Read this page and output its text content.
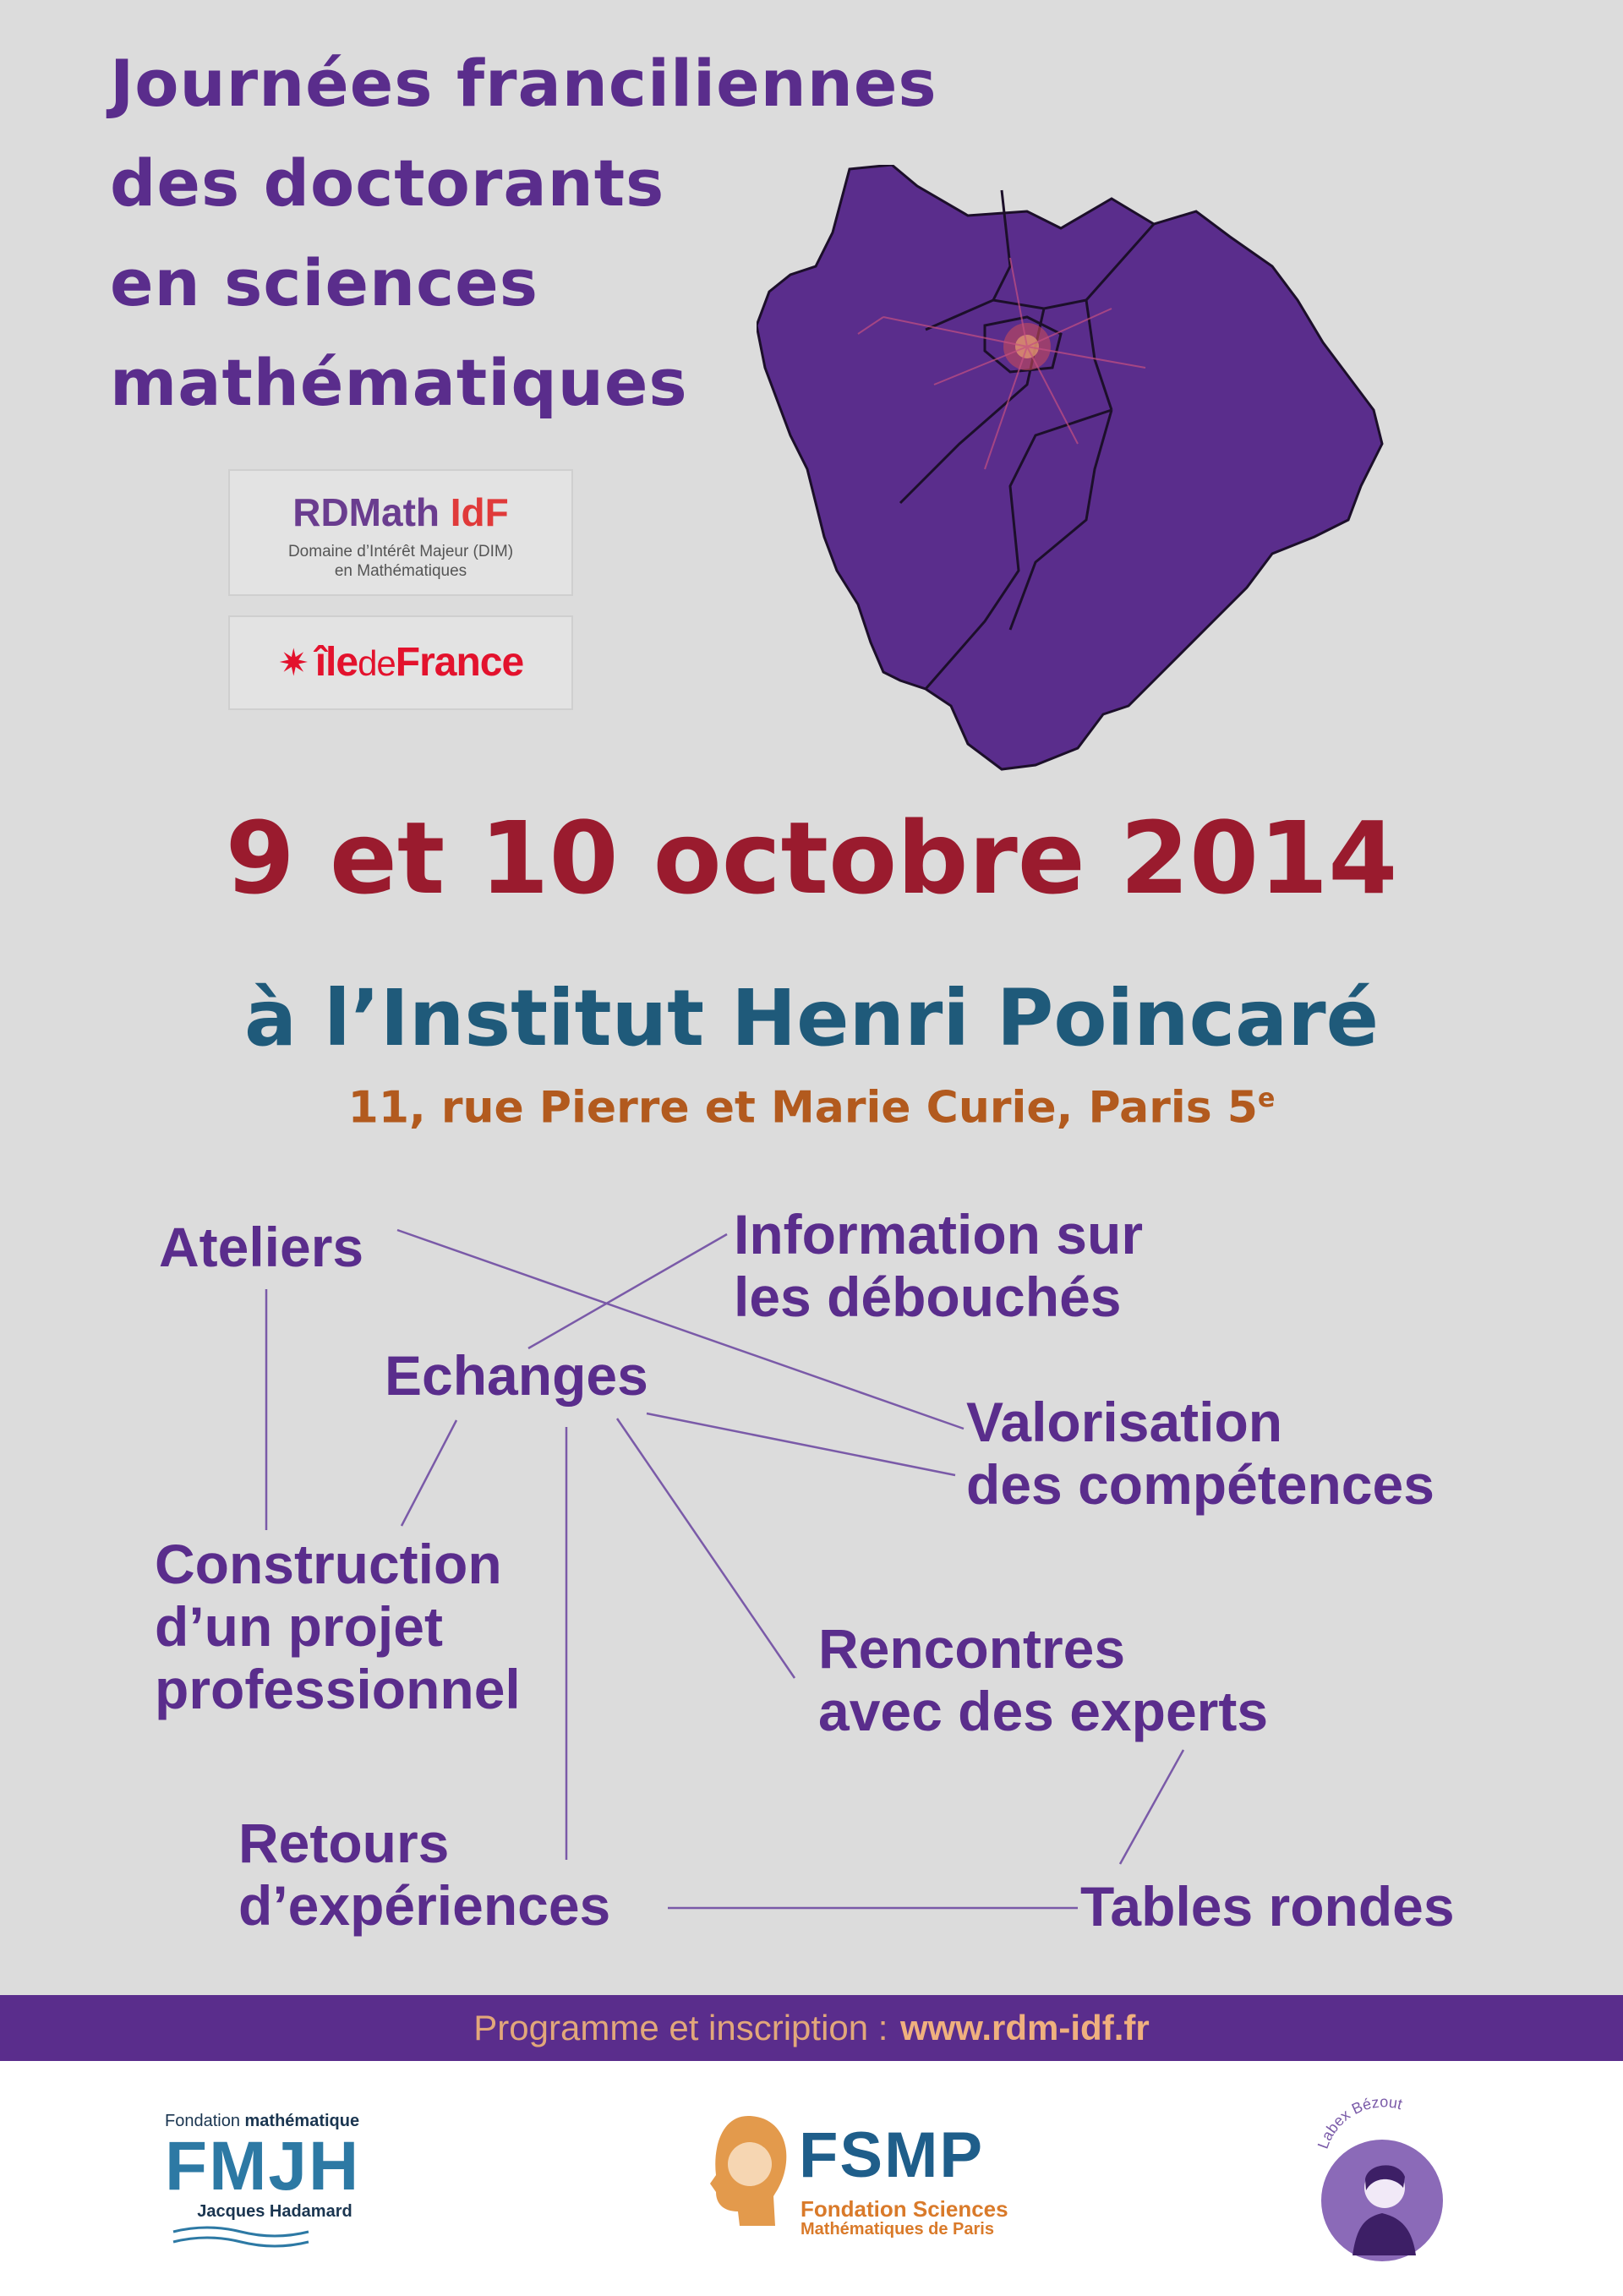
Journées franciliennes
des doctorants
en sciences
mathématiques
RDMath IdF
Domaine d’Intérêt Majeur (DIM)
en Mathématiques
✷ îledeFrance
9 et 10 octobre 2014
à l’Institut Henri Poincaré
11, rue Pierre et Marie Curie, Paris 5e
Ateliers	Information sur
les débouchés
Echanges
Valorisation
des compétences
Construction
d’un projet
professionnel
Rencontres
avec des experts
Retours
d’expériences	Tables rondes
Programme et inscription : www.rdm-idf.fr
Fondation mathématique
FMJH
Jacques Hadamard
FSMP
Fondation Sciences
Mathématiques de Paris
Labex Bézout
